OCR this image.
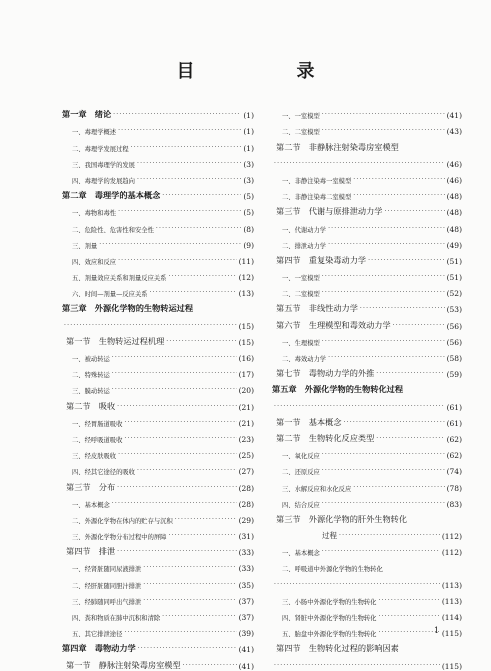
目　录
第一章　绪论 ·····	(1)
一、毒理学概述 ·····	(1)
二、毒理学发展过程 ·····	(1)
三、我国毒理学的发展 ·····	(3)
四、毒理学的发展趋向 ·····	(3)
第二章　毒理学的基本概念 ·····	(5)
一、毒物和毒性 ·····	(5)
二、危险性、危害性和安全性 ·····	(8)
三、剂量 ·····	(9)
四、效应和反应 ·····	(11)
五、剂量效应关系和剂量反应关系 ·····	(12)
六、时间—剂量—反应关系 ·····	(13)
第三章　外源化学物的生物转运过程
·····
(15)
第一节　生物转运过程机理 ·····	(15)
一、被动转运 ·····	(16)
二、特殊转运 ·····	(17)
三、膜动转运 ·····	(20)
第二节　吸收 ·····	(21)
一、经胃肠道吸收 ·····	(21)
二、经呼吸道吸收 ·····	(23)
三、经皮肤吸收 ·····	(25)
四、经其它途径的吸收 ·····	(27)
第三节　分布 ·····	(28)
一、基本概念 ·····	(28)
二、外源化学物在体内的贮存与沉积 ·····	(29)
三、外源化学物分布过程中的屏障 ·····	(31)
第四节　排泄 ·····	(33)
一、经肾脏随同尿液排泄 ·····	(33)
二、经肝脏随同胆汁排泄 ·····	(35)
三、经肺随同呼出气排泄 ·····	(37)
四、粪和物质在肺中沉积和清除 ·····	(37)
五、其它排泄途径 ·····	(39)
第四章　毒物动力学 ·····	(41)
第一节　静脉注射染毒房室模型 ·····	(41)
一、一室模型 ·····	(41)
二、二室模型 ·····	(43)
第二节　非静脉注射染毒房室模型
·····
(46)
一、非静注染毒一室模型 ·····	(46)
二、非静注染毒二室模型 ·····	(48)
第三节　代谢与原排泄动力学 ·····	(48)
一、代谢动力学 ·····	(48)
二、排泄动力学 ·····	(49)
第四节　重复染毒动力学 ·····	(51)
一、一室模型 ·····	(51)
二、二室模型 ·····	(52)
第五节　非线性动力学 ·····	(53)
第六节　生理模型和毒效动力学 ·····	(56)
一、生理模型 ·····	(56)
二、毒效动力学 ·····	(58)
第七节　毒物动力学的外推 ·····	(59)
第五章　外源化学物的生物转化过程
·····
(61)
第一节　基本概念 ·····	(61)
第二节　生物转化反应类型 ·····	(62)
一、氧化反应 ·····	(62)
二、还原反应 ·····	(74)
三、水解反应和水化反应 ·····	(78)
四、结合反应 ·····	(83)
第三节　外源化学物的肝外生物转化
过程 ·····	(112)
一、基本概念 ·····	(112)
二、呼吸道中外源化学物的生物转化
·····
(113)
三、小肠中外源化学物的生物转化 ·····	(113)
四、肾脏中外源化学物的生物转化 ·····	(114)
五、胎盘中外源化学物的生物转化 ·····	(115)
第四节　生物转化过程的影响因素
·····
(115)
1
